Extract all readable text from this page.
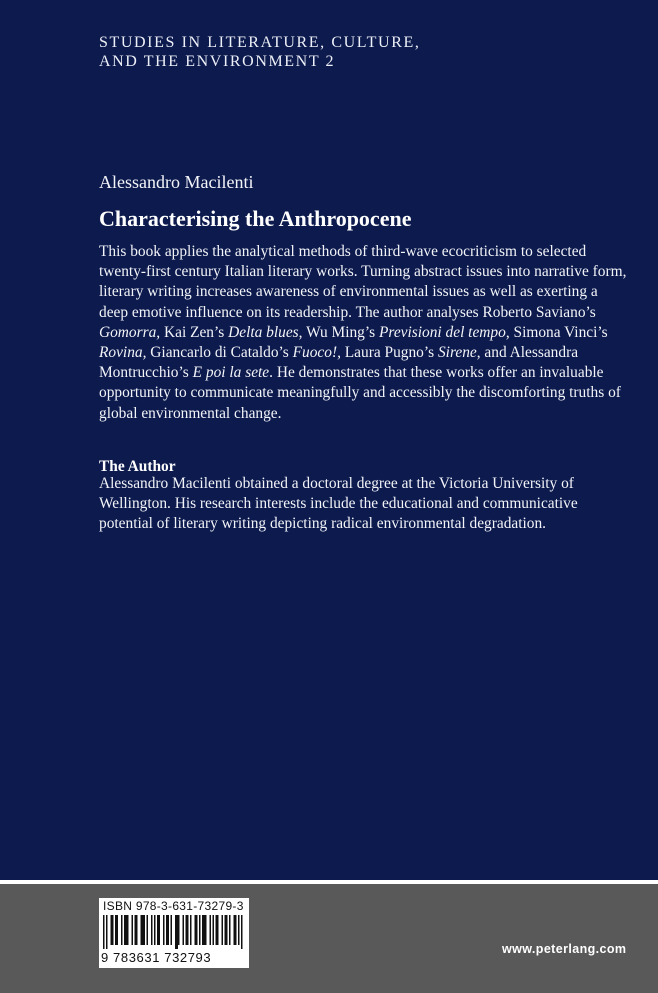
STUDIES IN LITERATURE, CULTURE,
AND THE ENVIRONMENT 2
Alessandro Macilenti
Characterising the Anthropocene
This book applies the analytical methods of third-wave ecocriticism to selected twenty-first century Italian literary works. Turning abstract issues into narrative form, literary writing increases awareness of environmental issues as well as exerting a deep emotive influence on its readership. The author analyses Roberto Saviano’s Gomorra, Kai Zen’s Delta blues, Wu Ming’s Previsioni del tempo, Simona Vinci’s Rovina, Giancarlo di Cataldo’s Fuoco!, Laura Pugno’s Sirene, and Alessandra Montrucchio’s E poi la sete. He demonstrates that these works offer an invaluable opportunity to communicate meaningfully and accessibly the discomforting truths of global environmental change.
The Author
Alessandro Macilenti obtained a doctoral degree at the Victoria University of Wellington. His research interests include the educational and communicative potential of literary writing depicting radical environmental degradation.
ISBN 978-3-631-73279-3
9 783631 732793
www.peterlang.com
